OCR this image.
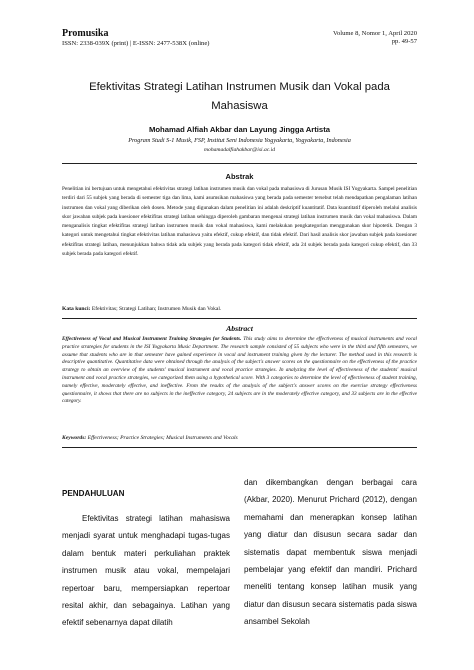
Promusika
ISSN: 2338-039X (print) | E-ISSN: 2477-538X (online)
Volume 8, Nomor 1, April 2020
pp. 49-57
Efektivitas Strategi Latihan Instrumen Musik dan Vokal pada Mahasiswa
Mohamad Alfiah Akbar dan Layung Jingga Artista
Program Studi S-1 Musik, FSP, Institut Seni Indonesia Yogyakarta, Yogyakarta, Indonesia
mohamadalfiahakbar@isi.ac.id
Abstrak
Penelitian ini bertujuan untuk mengetahui efektivitas strategi latihan instrumen musik dan vokal pada mahasiswa di Jurusan Musik ISI Yogyakarta. Sampel penelitian terdiri dari 55 subjek yang berada di semester tiga dan lima, kami asumsikan mahasiswa yang berada pada semester tersebut telah mendapatkan pengalaman latihan instrumen dan vokal yang diberikan oleh dosen. Metode yang digunakan dalam penelitian ini adalah deskriptif kuantitatif. Data kuantitatif diperoleh melalui analisis skor jawaban subjek pada kuesioner efektifitas strategi latihan sehingga diperoleh gambaran mengenai strategi latihan instrumen musik dan vokal mahasiswa. Dalam menganalisis tingkat efektifitas strategi latihan instrumen musik dan vokal mahasiswa, kami melakukan pengkategorian menggunakan skor hipotetik. Dengan 3 kategori untuk mengetahui tingkat efektivitas latihan mahasiswa yaitu efektif, cukup efektif, dan tidak efektif. Dari hasil analisis skor jawaban subjek pada kuesioner efektifitas strategi latihan, menunjukkan bahwa tidak ada subjek yang berada pada kategori tidak efektif, ada 24 subjek berada pada kategori cukup efektif, dan 33 subjek berada pada kategori efektif.
Kata kunci: Efektivitas; Strategi Latihan; Instrumen Musik dan Vokal.
Abstract
Effectiveness of Vocal and Musical Instrument Training Strategies for Students. This study aims to determine the effectiveness of musical instruments and vocal practice strategies for students in the ISI Yogyakarta Music Department. The research sample consisted of 55 subjects who were in the third and fifth semesters, we assume that students who are in that semester have gained experience in vocal and instrument training given by the lecturer. The method used in this research is descriptive quantitative. Quantitative data were obtained through the analysis of the subject's answer scores on the questionnaire on the effectiveness of the practice strategy to obtain an overview of the students' musical instrument and vocal practice strategies. In analyzing the level of effectiveness of the students' musical instrument and vocal practice strategies, we categorized them using a hypothetical score. With 3 categories to determine the level of effectiveness of student training, namely effective, moderately effective, and ineffective. From the results of the analysis of the subject's answer scores on the exercise strategy effectiveness questionnaire, it shows that there are no subjects in the ineffective category, 24 subjects are in the moderately effective category, and 33 subjects are in the effective category.
Keywords: Effectiveness; Practice Strategies; Musical Instruments and Vocals
PENDAHULUAN
Efektivitas strategi latihan mahasiswa menjadi syarat untuk menghadapi tugas-tugas dalam bentuk materi perkuliahan praktek instrumen musik atau vokal, mempelajari repertoar baru, mempersiapkan repertoar resital akhir, dan sebagainya. Latihan yang efektif sebenarnya dapat dilatih
dan dikembangkan dengan berbagai cara (Akbar, 2020). Menurut Prichard (2012), dengan memahami dan menerapkan konsep latihan yang diatur dan disusun secara sadar dan sistematis dapat membentuk siswa menjadi pembelajar yang efektif dan mandiri. Prichard meneliti tentang konsep latihan musik yang diatur dan disusun secara sistematis pada siswa ansambel Sekolah
